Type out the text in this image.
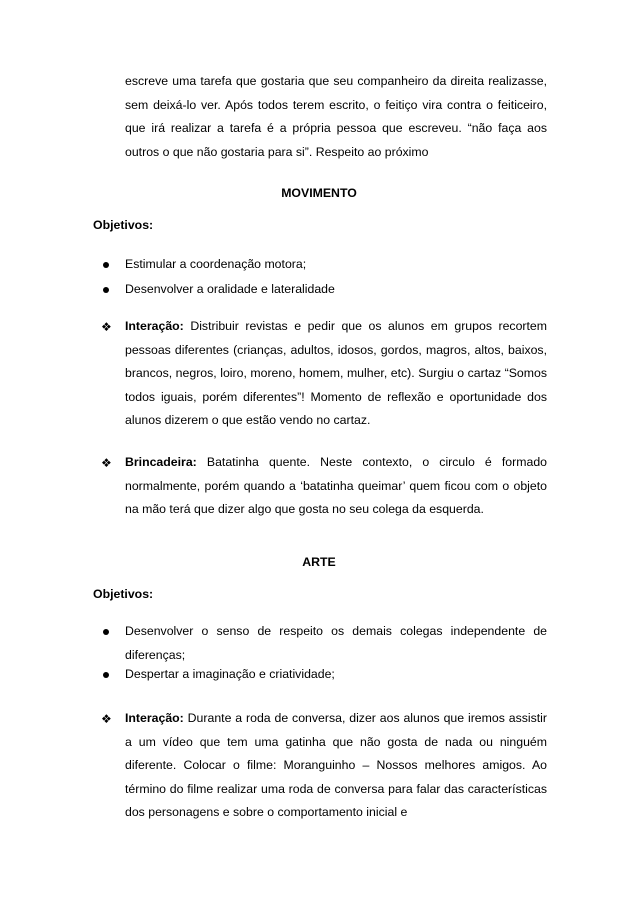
escreve uma tarefa que gostaria que seu companheiro da direita realizasse, sem deixá-lo ver. Após todos terem escrito, o feitiço vira contra o feiticeiro, que irá realizar a tarefa é a própria pessoa que escreveu. “não faça aos outros o que não gostaria para si”. Respeito ao próximo

MOVIMENTO

Objetivos:

Estimular a coordenação motora;

Desenvolver a oralidade e lateralidade

❖ Interação: Distribuir revistas e pedir que os alunos em grupos recortem pessoas diferentes (crianças, adultos, idosos, gordos, magros, altos, baixos, brancos, negros, loiro, moreno, homem, mulher, etc). Surgiu o cartaz “Somos todos iguais, porém diferentes”! Momento de reflexão e oportunidade dos alunos dizerem o que estão vendo no cartaz.

❖ Brincadeira: Batatinha quente. Neste contexto, o circulo é formado normalmente, porém quando a ‘batatinha queimar’ quem ficou com o objeto na mão terá que dizer algo que gosta no seu colega da esquerda.

ARTE

Objetivos:

Desenvolver o senso de respeito os demais colegas independente de diferenças;

Despertar a imaginação e criatividade;

❖ Interação: Durante a roda de conversa, dizer aos alunos que iremos assistir a um vídeo que tem uma gatinha que não gosta de nada ou ninguém diferente. Colocar o filme: Moranguinho – Nossos melhores amigos. Ao término do filme realizar uma roda de conversa para falar das características dos personagens e sobre o comportamento inicial e
